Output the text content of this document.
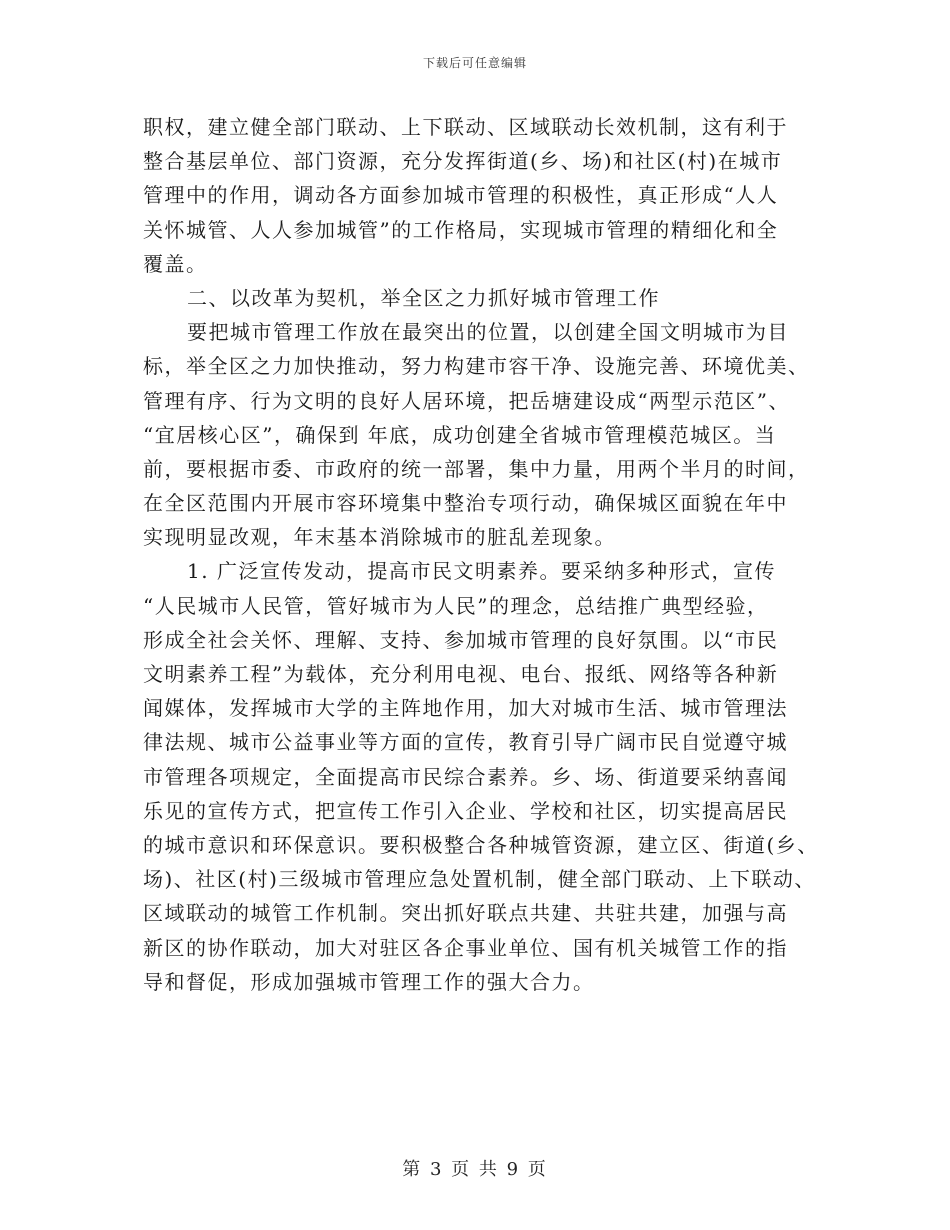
下载后可任意编辑
职权，建立健全部门联动、上下联动、区域联动长效机制，这有利于
整合基层单位、部门资源，充分发挥街道(乡、场)和社区(村)在城市
管理中的作用，调动各方面参加城市管理的积极性，真正形成“人人
关怀城管、人人参加城管”的工作格局，实现城市管理的精细化和全
覆盖。
二、以改革为契机，举全区之力抓好城市管理工作
要把城市管理工作放在最突出的位置，以创建全国文明城市为目
标，举全区之力加快推动，努力构建市容干净、设施完善、环境优美、
管理有序、行为文明的良好人居环境，把岳塘建设成“两型示范区”、
“宜居核心区”，确保到 年底，成功创建全省城市管理模范城区。当
前，要根据市委、市政府的统一部署，集中力量，用两个半月的时间，
在全区范围内开展市容环境集中整治专项行动，确保城区面貌在年中
实现明显改观，年末基本消除城市的脏乱差现象。
1. 广泛宣传发动，提高市民文明素养。要采纳多种形式，宣传
“人民城市人民管，管好城市为人民”的理念，总结推广典型经验，
形成全社会关怀、理解、支持、参加城市管理的良好氛围。以“市民
文明素养工程”为载体，充分利用电视、电台、报纸、网络等各种新
闻媒体，发挥城市大学的主阵地作用，加大对城市生活、城市管理法
律法规、城市公益事业等方面的宣传，教育引导广阔市民自觉遵守城
市管理各项规定，全面提高市民综合素养。乡、场、街道要采纳喜闻
乐见的宣传方式，把宣传工作引入企业、学校和社区，切实提高居民
的城市意识和环保意识。要积极整合各种城管资源，建立区、街道(乡、
场)、社区(村)三级城市管理应急处置机制，健全部门联动、上下联动、
区域联动的城管工作机制。突出抓好联点共建、共驻共建，加强与高
新区的协作联动，加大对驻区各企事业单位、国有机关城管工作的指
导和督促，形成加强城市管理工作的强大合力。
第 3 页 共 9 页
